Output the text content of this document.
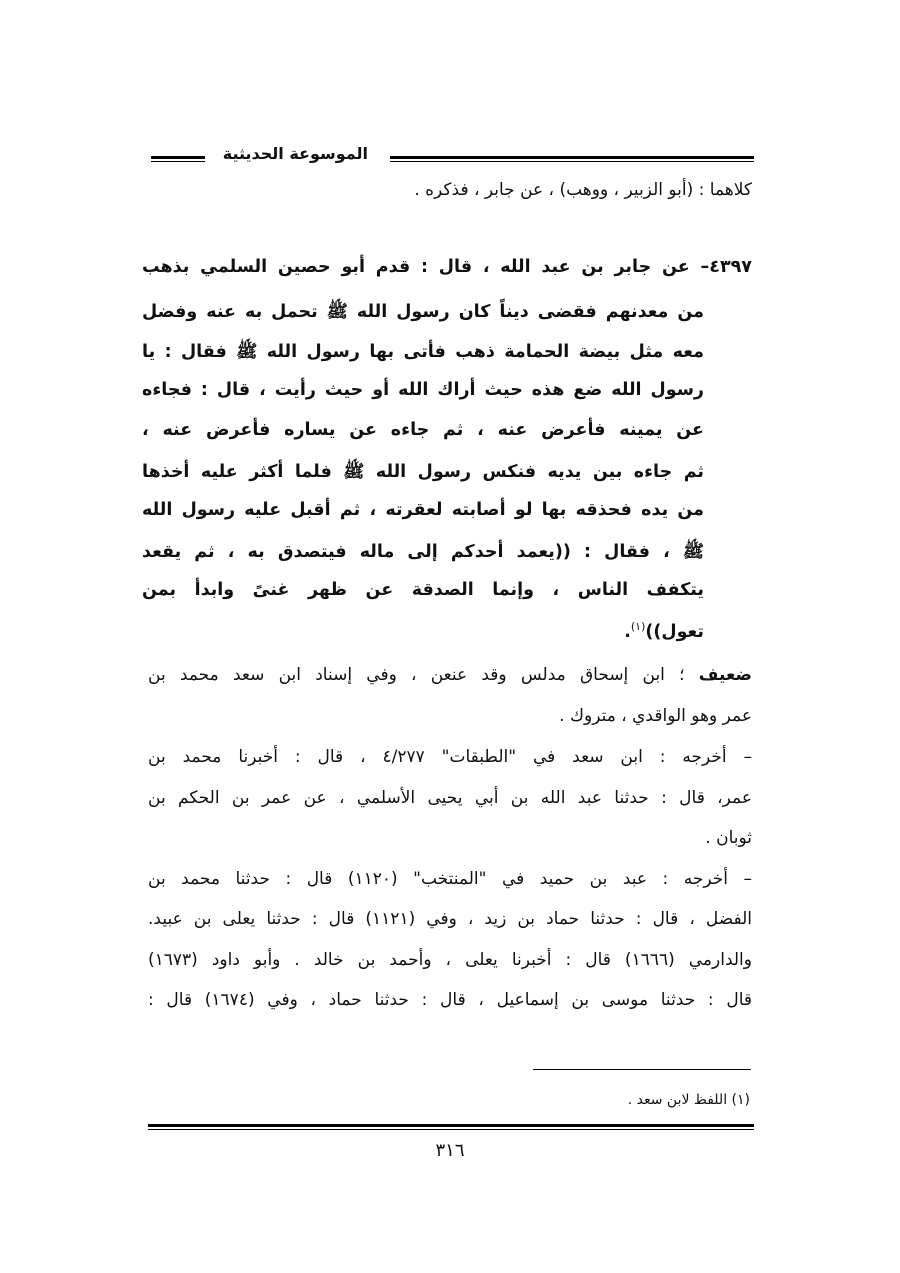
الموسوعة الحديثية
كلاهما : (أبو الزبير ، ووهب) ، عن جابر ، فذكره .
٤٣٩٧– عن جابر بن عبد الله ، قال : قدم أبو حصين السلمي بذهب
من معدنهم فقضى ديناً كان رسول الله ﷺ تحمل به عنه وفضل
معه مثل بيضة الحمامة ذهب فأتى بها رسول الله ﷺ فقال : يا
رسول الله ضع هذه حيث أراك الله أو حيث رأيت ، قال : فجاءه
عن يمينه فأعرض عنه ، ثم جاءه عن يساره فأعرض عنه ،
ثم جاءه بين يديه فنكس رسول الله ﷺ فلما أكثر عليه أخذها
من يده فحذقه بها لو أصابته لعقرته ، ثم أقبل عليه رسول الله
ﷺ ، فقال : ((يعمد أحدكم إلى ماله فيتصدق به ، ثم يقعد
يتكفف الناس ، وإنما الصدقة عن ظهر غنىً وابدأ بمن
تعول))$^{(١)}$.
ضعيف ؛ ابن إسحاق مدلس وقد عنعن ، وفي إسناد ابن سعد محمد بن
عمر وهو الواقدي ، متروك .
– أخرجه : ابن سعد في "الطبقات" ٤/٢٧٧ ، قال : أخبرنا محمد بن
عمر، قال : حدثنا عبد الله بن أبي يحيى الأسلمي ، عن عمر بن الحكم بن
ثوبان .
– أخرجه : عبد بن حميد في "المنتخب" (١١٢٠) قال : حدثنا محمد بن
الفضل ، قال : حدثنا حماد بن زيد ، وفي (١١٢١) قال : حدثنا يعلى بن عبيد.
والدارمي (١٦٦٦) قال : أخبرنا يعلى ، وأحمد بن خالد . وأبو داود (١٦٧٣)
قال : حدثنا موسى بن إسماعيل ، قال : حدثنا حماد ، وفي (١٦٧٤) قال :
(١) اللفظ لابن سعد .
٣١٦
